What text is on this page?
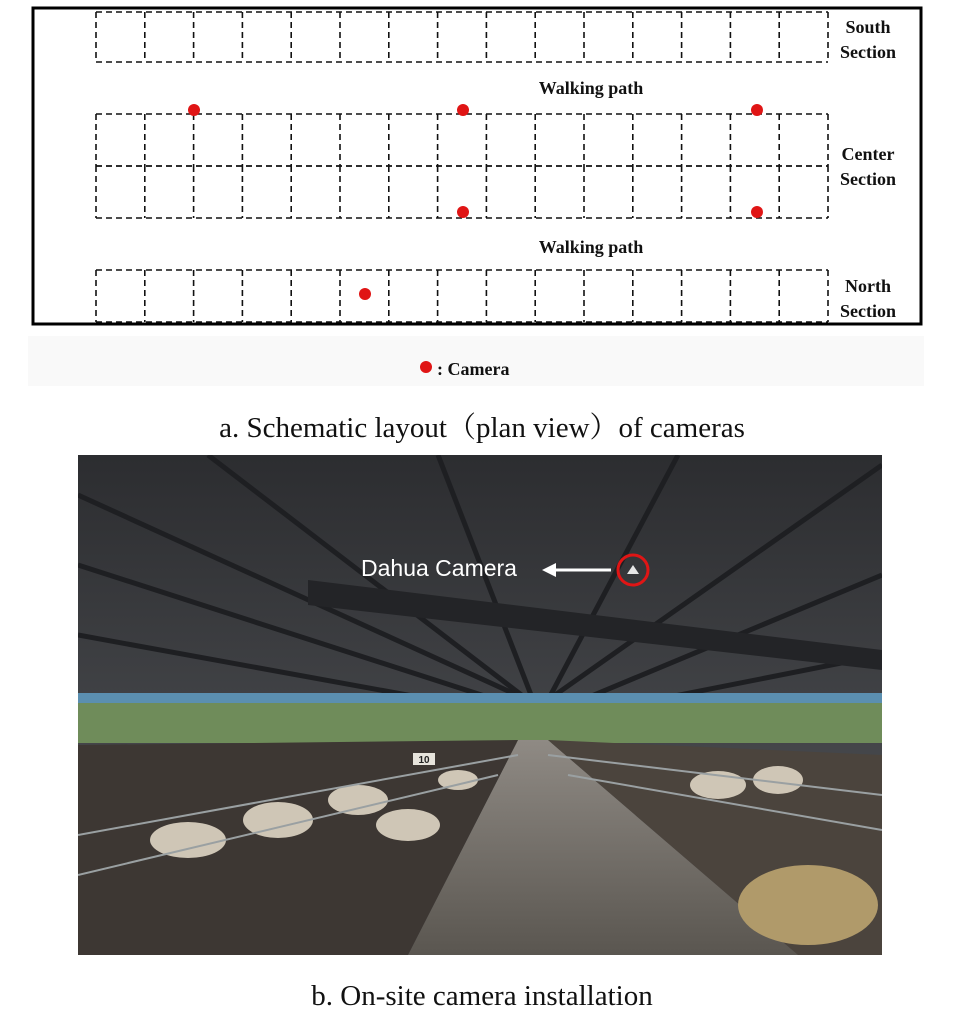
South
Section
Center
Section
North
Section
Walking path
Walking path
: Camera
a. Schematic layout（plan view）of cameras
10
Dahua Camera
b. On-site camera installation
